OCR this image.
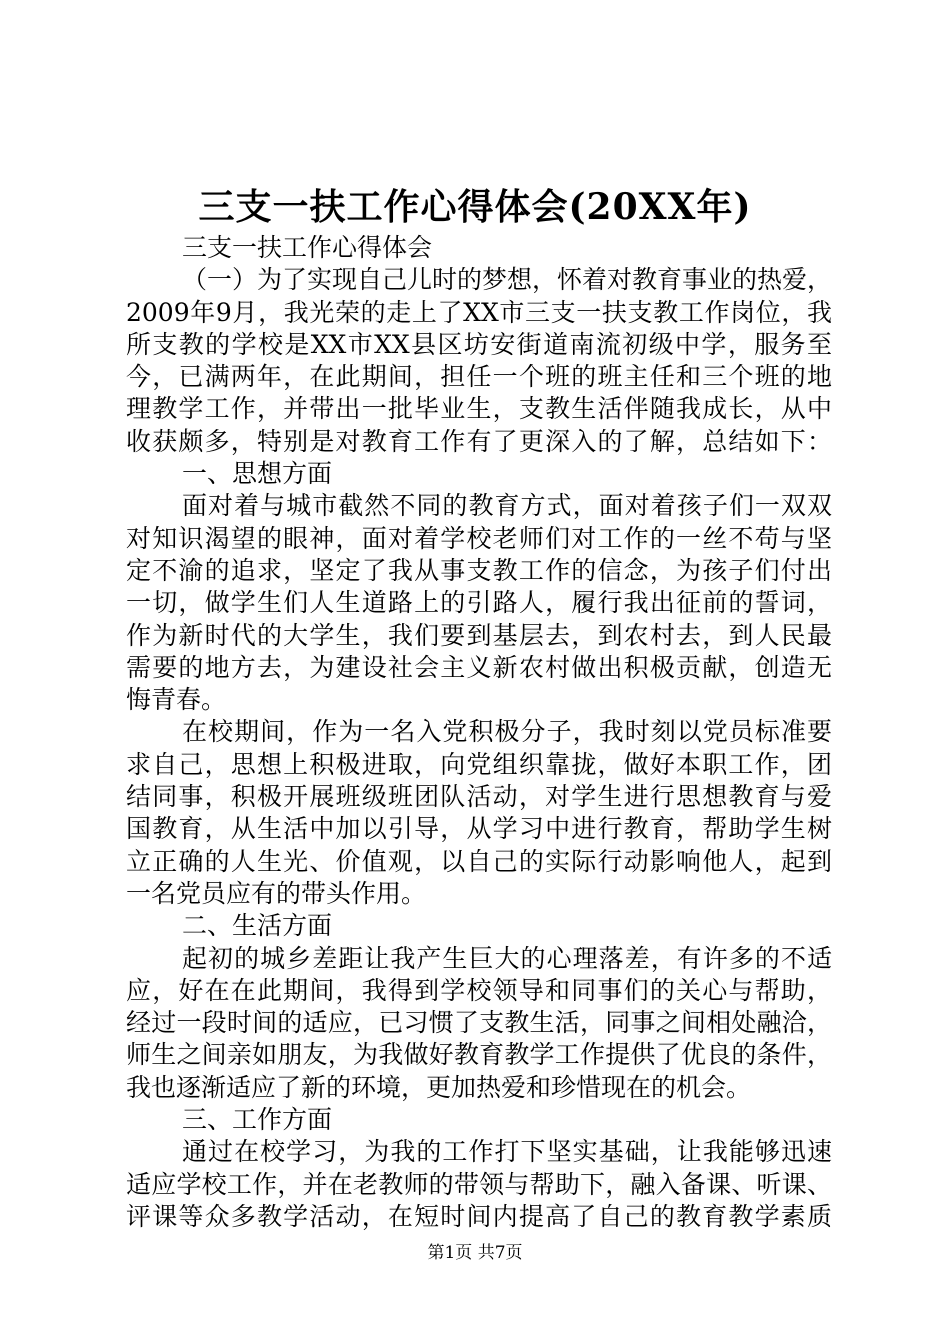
三支一扶工作心得体会(20XX年)
三支一扶工作心得体会
（一）为了实现自己儿时的梦想，怀着对教育事业的热爱，
2009年9月，我光荣的走上了XX市三支一扶支教工作岗位，我
所支教的学校是XX市XX县区坊安街道南流初级中学，服务至
今，已满两年，在此期间，担任一个班的班主任和三个班的地
理教学工作，并带出一批毕业生，支教生活伴随我成长，从中
收获颇多，特别是对教育工作有了更深入的了解，总结如下：
一、思想方面
面对着与城市截然不同的教育方式，面对着孩子们一双双
对知识渴望的眼神，面对着学校老师们对工作的一丝不苟与坚
定不渝的追求，坚定了我从事支教工作的信念，为孩子们付出
一切，做学生们人生道路上的引路人，履行我出征前的誓词，
作为新时代的大学生，我们要到基层去，到农村去，到人民最
需要的地方去，为建设社会主义新农村做出积极贡献，创造无
悔青春。
在校期间，作为一名入党积极分子，我时刻以党员标准要
求自己，思想上积极进取，向党组织靠拢，做好本职工作，团
结同事，积极开展班级班团队活动，对学生进行思想教育与爱
国教育，从生活中加以引导，从学习中进行教育，帮助学生树
立正确的人生光、价值观，以自己的实际行动影响他人，起到
一名党员应有的带头作用。
二、生活方面
起初的城乡差距让我产生巨大的心理落差，有许多的不适
应，好在在此期间，我得到学校领导和同事们的关心与帮助，
经过一段时间的适应，已习惯了支教生活，同事之间相处融洽，
师生之间亲如朋友，为我做好教育教学工作提供了优良的条件，
我也逐渐适应了新的环境，更加热爱和珍惜现在的机会。
三、工作方面
通过在校学习，为我的工作打下坚实基础，让我能够迅速
适应学校工作，并在老教师的带领与帮助下，融入备课、听课、
评课等众多教学活动，在短时间内提高了自己的教育教学素质
第1页 共7页
